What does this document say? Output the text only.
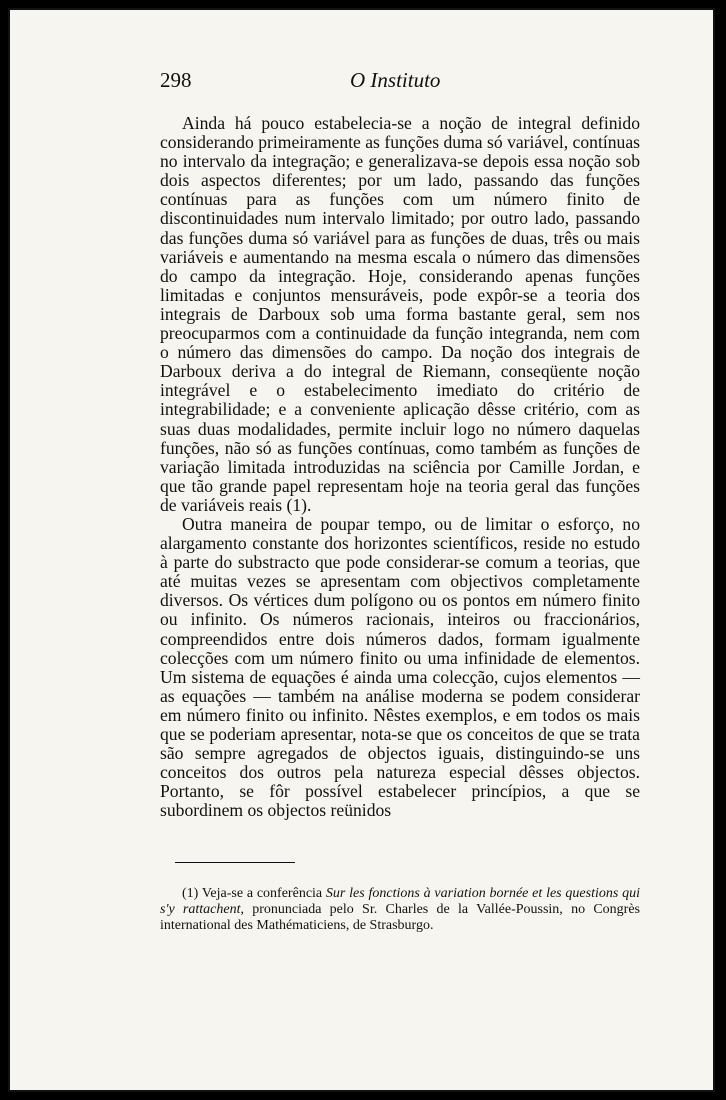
298	O Instituto

Ainda há pouco estabelecia-se a noção de integral definido considerando primeiramente as funções duma só variável, contínuas no intervalo da integração; e generalizava-se depois essa noção sob dois aspectos diferentes; por um lado, passando das funções contínuas para as funções com um número finito de discontinuidades num intervalo limitado; por outro lado, passando das funções duma só variável para as funções de duas, três ou mais variáveis e aumentando na mesma escala o número das dimensões do campo da integração. Hoje, considerando apenas funções limitadas e conjuntos mensuráveis, pode expôr-se a teoria dos integrais de Darboux sob uma forma bastante geral, sem nos preocuparmos com a continuidade da função integranda, nem com o número das dimensões do campo. Da noção dos integrais de Darboux deriva a do integral de Riemann, conseqüente noção integrável e o estabelecimento imediato do critério de integrabilidade; e a conveniente aplicação dêsse critério, com as suas duas modalidades, permite incluir logo no número daquelas funções, não só as funções contínuas, como também as funções de variação limitada introduzidas na sciência por Camille Jordan, e que tão grande papel representam hoje na teoria geral das funções de variáveis reais (1).

Outra maneira de poupar tempo, ou de limitar o esforço, no alargamento constante dos horizontes scientíficos, reside no estudo à parte do substracto que pode considerar-se comum a teorias, que até muitas vezes se apresentam com objectivos completamente diversos. Os vértices dum polígono ou os pontos em número finito ou infinito. Os números racionais, inteiros ou fraccionários, compreendidos entre dois números dados, formam igualmente colecções com um número finito ou uma infinidade de elementos. Um sistema de equações é ainda uma colecção, cujos elementos — as equações — também na análise moderna se podem considerar em número finito ou infinito. Nêstes exemplos, e em todos os mais que se poderiam apresentar, nota-se que os conceitos de que se trata são sempre agregados de objectos iguais, distinguindo-se uns conceitos dos outros pela natureza especial dêsses objectos. Portanto, se fôr possível estabelecer princípios, a que se subordinem os objectos reünidos

(1) Veja-se a conferência Sur les fonctions à variation bornée et les questions qui s'y rattachent, pronunciada pelo Sr. Charles de la Vallée-Poussin, no Congrès international des Mathématiciens, de Strasburgo.
